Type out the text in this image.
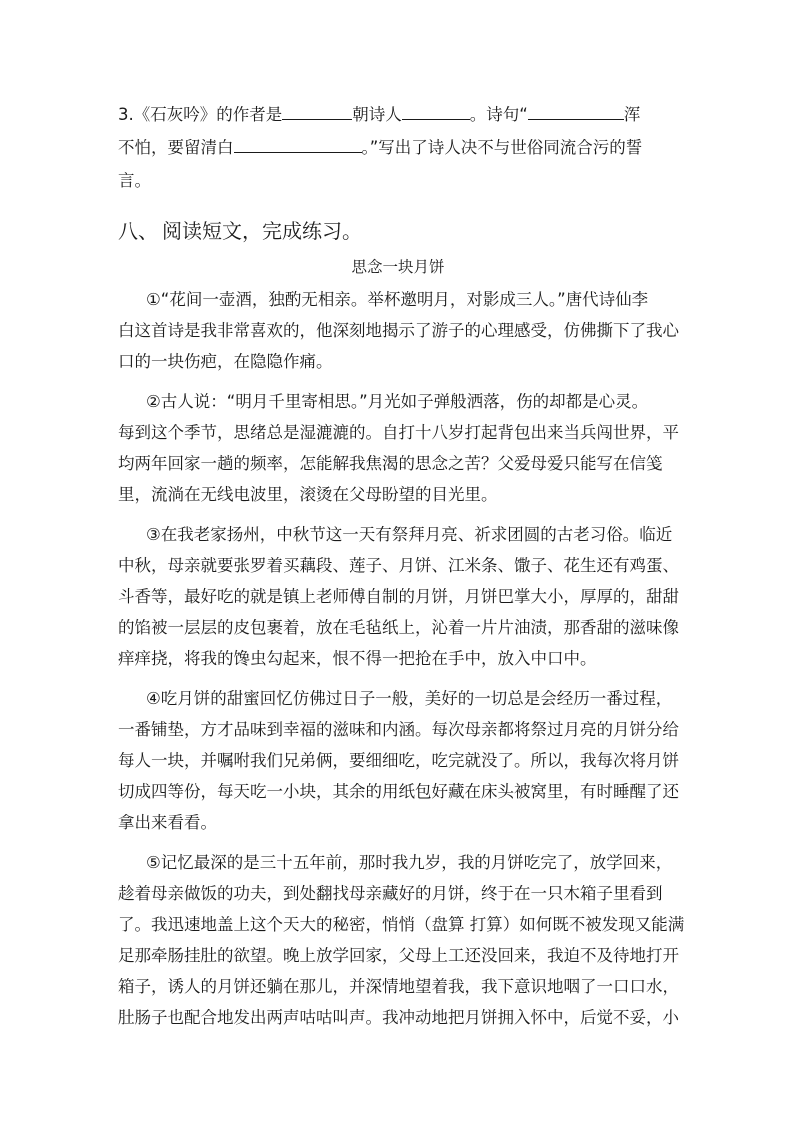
3.《石灰吟》的作者是	朝诗人	。诗句“	浑
不怕，要留清白	。”写出了诗人决不与世俗同流合污的誓
言。
八、 阅读短文，完成练习。
思念一块月饼
①“花间一壶酒，独酌无相亲。举杯邀明月，对影成三人。”唐代诗仙李
白这首诗是我非常喜欢的，他深刻地揭示了游子的心理感受，仿佛撕下了我心
口的一块伤疤，在隐隐作痛。
②古人说：“明月千里寄相思。”月光如子弹般洒落，伤的却都是心灵。
每到这个季节，思绪总是湿漉漉的。自打十八岁打起背包出来当兵闯世界，平
均两年回家一趟的频率，怎能解我焦渴的思念之苦？父爱母爱只能写在信笺
里，流淌在无线电波里，滚烫在父母盼望的目光里。
③在我老家扬州，中秋节这一天有祭拜月亮、祈求团圆的古老习俗。临近
中秋，母亲就要张罗着买藕段、莲子、月饼、江米条、馓子、花生还有鸡蛋、
斗香等，最好吃的就是镇上老师傅自制的月饼，月饼巴掌大小，厚厚的，甜甜
的馅被一层层的皮包裹着，放在毛毡纸上，沁着一片片油渍，那香甜的滋味像
痒痒挠，将我的馋虫勾起来，恨不得一把抢在手中，放入中口中。
④吃月饼的甜蜜回忆仿佛过日子一般，美好的一切总是会经历一番过程，
一番铺垫，方才品味到幸福的滋味和内涵。每次母亲都将祭过月亮的月饼分给
每人一块，并嘱咐我们兄弟俩，要细细吃，吃完就没了。所以，我每次将月饼
切成四等份，每天吃一小块，其余的用纸包好藏在床头被窝里，有时睡醒了还
拿出来看看。
⑤记忆最深的是三十五年前，那时我九岁，我的月饼吃完了，放学回来，
趁着母亲做饭的功夫，到处翻找母亲藏好的月饼，终于在一只木箱子里看到
了。我迅速地盖上这个天大的秘密，悄悄（盘算 打算）如何既不被发现又能满
足那牵肠挂肚的欲望。晚上放学回家，父母上工还没回来，我迫不及待地打开
箱子，诱人的月饼还躺在那儿，并深情地望着我，我下意识地咽了一口口水，
肚肠子也配合地发出两声咕咕叫声。我冲动地把月饼拥入怀中，后觉不妥，小
